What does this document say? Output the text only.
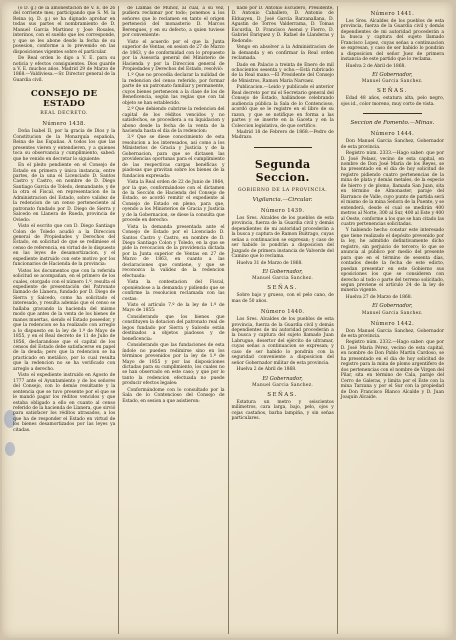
(o D. g.) de la amonestacion de V. E. de 26 del corriente mes; participando que S. M. la Reina (q. D. g.) se ha dignado aprobar en todas sus partes el nombramiento de D. Manuel Garcia Martinez y Jose Rosales, interinos, con el sueldo que les corresponde, y que se les abone desde la fecha de su posesion, conforme a lo prevenido en las disposiciones vigentes sobre el particular.

De Real orden lo digo a V. E. para su noticia y efectos consiguientes. Dios guarde a V. E. muchos años. Madrid 29 de Marzo de 1868.—Valdiviesa.—Sr. Director general de la Guardia civil.

CONSEJO DE ESTADO
REAL DECRETO.
Número 1438.

Doña Isabel II, por la gracia de Dios y la Constitucion de la Monarquía española, Reina de las Españas. A todos los que las presentes vieren y entendieren, y a quienes toca su observancia y cumplimiento, sabed: que he venido en decretar lo siguiente:

En el pleito pendiente en el Consejo de Estado en primera y única instancia, entre partes, de la una el Licenciado D. Santos Castro y Castro, en nombre de D. Diego Santiago Garcia de Toledo, demandante, y de la otra el Fiscal, en representacion de la Administracion del Estado, sobre validez de la redencion de un censo perteneciente al patronato fundado por D. Diego de Sierra y Salcedo en Llanera de Rueda, provincia de Oviedo:

Visto el escrito que con D. Diego Santiago Colon de Toledo acudió a la Direccion general de Propiedades y Derechos del Estado, en solicitud de que se redimiese el censo de referencia, en virtud de lo dispuesto en las leyes de desamortizacion, y el expediente instruido con este motivo por los funcionarios de Hacienda de la provincia:

Vistos los documentos que con la referida solicitud se acompañan, en el primero de los cuales, otorgado con el número 1.º, resulta el expediente de presentación del Patronato llamado de Llanera, fundado por D. Diego de Sierra y Salcedo, como ha solicitado el interesado, y resulta además que el censo se hallaba gravando la hacienda del mismo modo que antes de la venta de los bienes de manos muertas, siendo el Estado poseedor, y que la redencion se ha realizado con arreglo a lo dispuesto en la ley de 1.º de Mayo de 1855, y en el Real decreto de 11 de Julio de 1856, declarandose que el capital de los censos del Estado debe satisfacerse en papel de la deuda; pero que la redencion se ha practicado en metálico, por lo cual resulta que la redencion no se ha verificado con arreglo a derecho.

Visto el expediente instruido en Agosto de 1777 ante el Ayuntamiento y de los señores del Consejo, con lo demás resultante y la sentencia que se tuvo presente por el que se le mandó pagar los réditos vencidos y que estaba obligado a ello en cuanto al censo referido de la hacienda de Llanera, que sirvió para satisfacer los réditos atrasados, a los que ha de responder el Estado en virtud de los bienes desamortizados por las leyes ya citadas.

de Llamas de Muñoz, al cual, a su vez, pudiera reclamar por todo; ponemos a los señores que lo reclamen en tanto el origen perteneció del monasterio D. Marcos Berengues, y en su defecto, a quien tuviese por conveniente:

Visto el acuerdo por el que la Junta superior de Ventas, en sesion de 27 de Marzo de 1863, y de conformidad con lo propuesto por la Asesoría general del Ministerio de Hacienda y por la Direccion general de Propiedades y Derechos del Estado, resolvió:

1.º Que no procedía declarar la nulidad de la redencion del censo referido, por formar parte de un patronato familiar y permanente, cuyos bienes pertenecen a la clase de los de Beneficencia, según las reglas que con tal objeto se han establecido.

2.º Que debiendo cubrirse la redencion del capital de los réditos vencidos y no satisfechos, se procediera a su liquidacion y abono desde la fecha de la venta de la hacienda hasta el dia de la redencion:

3.º Que se diese conocimiento de esta resolucion a los interesados, así como a los Ministerios de Gracia y Justicia y de la Gobernacion, para que se dictasen las providencias oportunas para el cumplimiento de las respectivas cargas benéficas y piadosas que gravitan sobre los bienes de la fundacion expresada:

Vista la Real orden de 22 de Junio de 1864, por la que, conformándose con el dictamen de la Sección de Hacienda del Consejo de Estado, se acordó remitir el expediente al Consejo de Estado en pleno, para que, oyendo a los Ministerios de Gracia y Justicia y de la Gobernacion, se diese la consulta que procede en derecho:

Vista la demanda presentada ante el Consejo de Estado por el Licenciado D. Santos Castro y Castro, en nombre de D. Diego Santiago Colon y Toledo, en la que se pide la revocacion de la providencia dictada por la Junta superior de Ventas en 27 de Marzo de 1863, en cuanto a las declaraciones que contiene, y que se reconozca la validez de la redencion efectuada:

Vista la contestacion del Fiscal, oponiéndose a la demanda y pidiendo que se confirme la resolucion reclamada con las costas:

Visto el artículo 7.º de la ley de 1.º de Mayo de 1855:

Considerando que los bienes que constituyen la dotacion del patronato real de legos fundado por Sierra y Salcedo están destinados a objetos piadosos y de beneficencia:

Considerando que las fundaciones de esta índole no pueden redimirse sino en los términos prevenidos por la ley de 1.º de Mayo de 1855 y por las disposiciones dictadas para su cumplimiento, los cuales no se han observado en este caso; y que por lo tanto la redencion efectuada no puede producir efectos legales:

Conformándome con lo consultado por la Sala de lo Contencioso del Consejo de Estado, en sesion a que asistieron:

nado por D. Antonio Escudero, Presidente, D. Antonio Caballero, D. Antonio de Elduayen, D. José García Barzanallana, D. Agustin de Torres Valderrama, D. Tomas Escurdia, D. Francisco Asensi y Fierro, D. Gabriel Enriquez y D. Rafael de Llanderas y Redondo:

Vengo en absolver a la Administracion de la demanda y en confirmar la Real orden reclamada.

Dado en Palacio a treinta de Enero de mil ochocientos sesenta y ocho.—Está rubricado de la Real mano.—El Presidente del Consejo de Ministros, Ramon Maria Narvaez.

Publicacion.—Leido y publicado el anterior Real decreto por mí el Secretario general del Consejo de Estado, hallándose celebrando audiencia pública la Sala de lo Contencioso, acordó que se le registre en el libro de su razon, y que se notifique en forma a las partes y se inserte en la Gaceta y en la Coleccion legislativa, de que certifico.

Madrid 18 de Febrero de 1868.—Pedro de Madrazo.

Segunda Seccion.
GOBIERNO DE LA PROVINCIA.
Vigilancia.—Circular.
Número 1439.

Los Sres. Alcaldes de los pueblos de esta provincia, fuerza de la Guardia civil y demás dependientes de mi autoridad procederán a la busca y captura de Ramon Buitrago, cuyas señas a continuacion se expresan; y caso de ser habido lo pondrán a disposicion del Juzgado de primera instancia de Valverde del Camino que lo reclama.

Huelva 31 de Marzo de 1868.

El Gobernador,
Manuel Garcia Sanchez.
SEÑAS.

Sobre bajo y grueso, con el pelo cano, de mas de 50 años.

Número 1440.

Los Sres. Alcaldes de los pueblos de esta provincia, fuerza de la Guardia civil y demás dependientes de mi autoridad procederán a la busca y captura del sujeto llamado Juan Labrugue, desertor del ejército de ultramar, cuyas señas a continuacion se expresan; y caso de ser habido lo pondrán con la seguridad conveniente a disposicion del señor Gobernador militar de esta provincia.

Huelva 2 de Abril de 1868.

El Gobernador,
Manuel Garcia Sanchez.
SEÑAS.

Estatura un metro y seiscientos milímetros, cara larga, bajo, pelo, ojos y cejas castaños, barba lampiña, y sin señas particulares.

Número 1441.

Los Sres. Alcaldes de los pueblos de esta provincia, fuerza de la Guardia civil y demás dependientes de mi autoridad procederán a la busca y captura del sujeto llamado Francisco Lopez, cuyas señas a continuacion se expresan, y caso de ser habido lo pondrán a disposicion del señor Juez de primera instancia de este partido que lo reclama.

Huelva 2 de Abril de 1868.

El Gobernador,
Manuel Garcia Sanchez.
SEÑAS.

Edad 48 años, estatura alta, pelo negro, ojos id., color moreno, muy corto de vista.

Seccion de Fomento.—Minas.
Número 1444.

Don Manuel Garcia Sanchez, Gobernador de esta provincia.

Registro núm. 2333.—Hago saber: que por D. José Pelaez, vecino de esta capital, en nombre de Don José María de los Reyes, se ha presentado en el dia de hoy solicitud de registro pidiendo cuatro pertenencias de la mina de plata y demás metales, de la especie de hierro y de plomo, llamada San Juan, sita en término de Almonaster, paraje del Barranco de Valle, cuyo punto de partida será el mismo de la mina Señora de la Puente, y se entenderá, desde el cual se medirán 400 metros al Norte, 300 al Sur, 400 al Este y 400 al Oeste, conforme a los que se han citado las cuatro pertenencias solicitadas.

Y habiendo hecho constar este interesado que tiene realizado el depósito prevenido por la ley, he admitido definitivamente dicho registro, sin perjuicio de tercero; lo que se anuncia al público por medio del presente para que en el término de sesenta días, contados desde la fecha de este edicto, puedan presentar en este Gobierno sus oposiciones los que se consideren con derecho al todo o parte del terreno solicitado, segun previene el artículo 24 de la ley de minería vigente.

Huelva 27 de Marzo de 1868.

El Gobernador,
Manuel Garcia Sanchez.
Número 1442.

Don Manuel Garcia Sanchez, Gobernador de esta provincia.

Registro núm. 2332.—Hago saber: que por D. José María Pérez, vecino de esta capital, en nombre de Don Pablo Martin Cardoso, se ha presentado en el dia de hoy solicitud de registro para la mina de plomo argentífero de dos pertenencias con el nombre de Virgen del Pilar, sita en término de Cala, paraje del Cerro de Galeras, y limita por el Este con la mina Tarzana y por el Sur con la propiedad de Don Francisco Blanco Alcalde y D. Juan Joaquin Alcaide.
